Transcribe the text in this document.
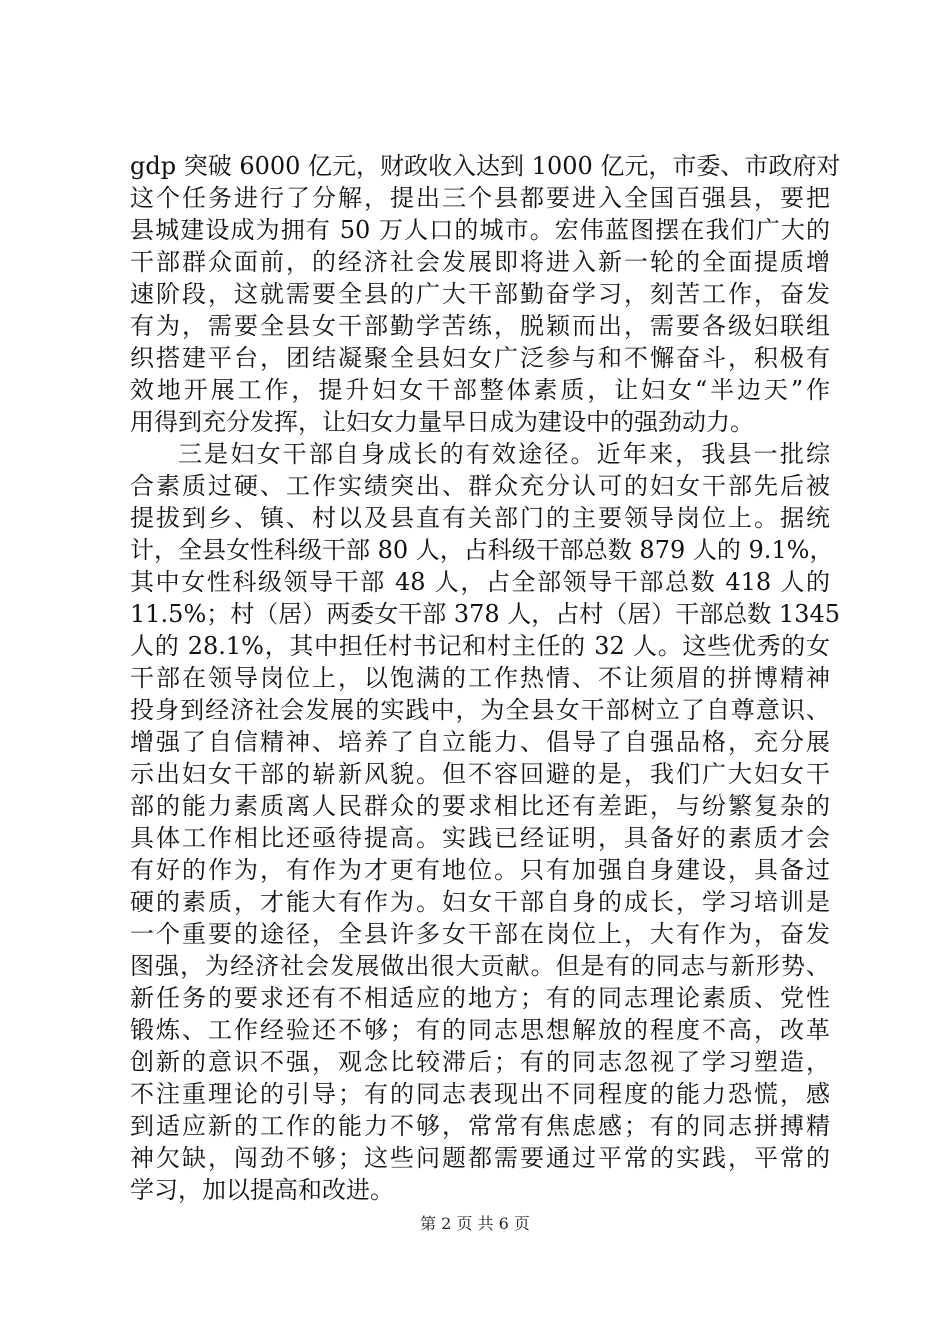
gdp 突破 6000 亿元，财政收入达到 1000 亿元，市委、市政府对
这个任务进行了分解，提出三个县都要进入全国百强县，要把
县城建设成为拥有 50 万人口的城市。宏伟蓝图摆在我们广大的
干部群众面前，的经济社会发展即将进入新一轮的全面提质增
速阶段，这就需要全县的广大干部勤奋学习，刻苦工作，奋发
有为，需要全县女干部勤学苦练，脱颖而出，需要各级妇联组
织搭建平台，团结凝聚全县妇女广泛参与和不懈奋斗，积极有
效地开展工作，提升妇女干部整体素质，让妇女“半边天”作
用得到充分发挥，让妇女力量早日成为建设中的强劲动力。
三是妇女干部自身成长的有效途径。近年来，我县一批综
合素质过硬、工作实绩突出、群众充分认可的妇女干部先后被
提拔到乡、镇、村以及县直有关部门的主要领导岗位上。据统
计，全县女性科级干部 80 人，占科级干部总数 879 人的 9.1%，
其中女性科级领导干部 48 人，占全部领导干部总数 418 人的
11.5%；村（居）两委女干部 378 人，占村（居）干部总数 1345
人的 28.1%，其中担任村书记和村主任的 32 人。这些优秀的女
干部在领导岗位上，以饱满的工作热情、不让须眉的拼博精神
投身到经济社会发展的实践中，为全县女干部树立了自尊意识、
增强了自信精神、培养了自立能力、倡导了自强品格，充分展
示出妇女干部的崭新风貌。但不容回避的是，我们广大妇女干
部的能力素质离人民群众的要求相比还有差距，与纷繁复杂的
具体工作相比还亟待提高。实践已经证明，具备好的素质才会
有好的作为，有作为才更有地位。只有加强自身建设，具备过
硬的素质，才能大有作为。妇女干部自身的成长，学习培训是
一个重要的途径，全县许多女干部在岗位上，大有作为，奋发
图强，为经济社会发展做出很大贡献。但是有的同志与新形势、
新任务的要求还有不相适应的地方；有的同志理论素质、党性
锻炼、工作经验还不够；有的同志思想解放的程度不高，改革
创新的意识不强，观念比较滞后；有的同志忽视了学习塑造，
不注重理论的引导；有的同志表现出不同程度的能力恐慌，感
到适应新的工作的能力不够，常常有焦虑感；有的同志拼搏精
神欠缺，闯劲不够；这些问题都需要通过平常的实践，平常的
学习，加以提高和改进。
第 2 页 共 6 页
